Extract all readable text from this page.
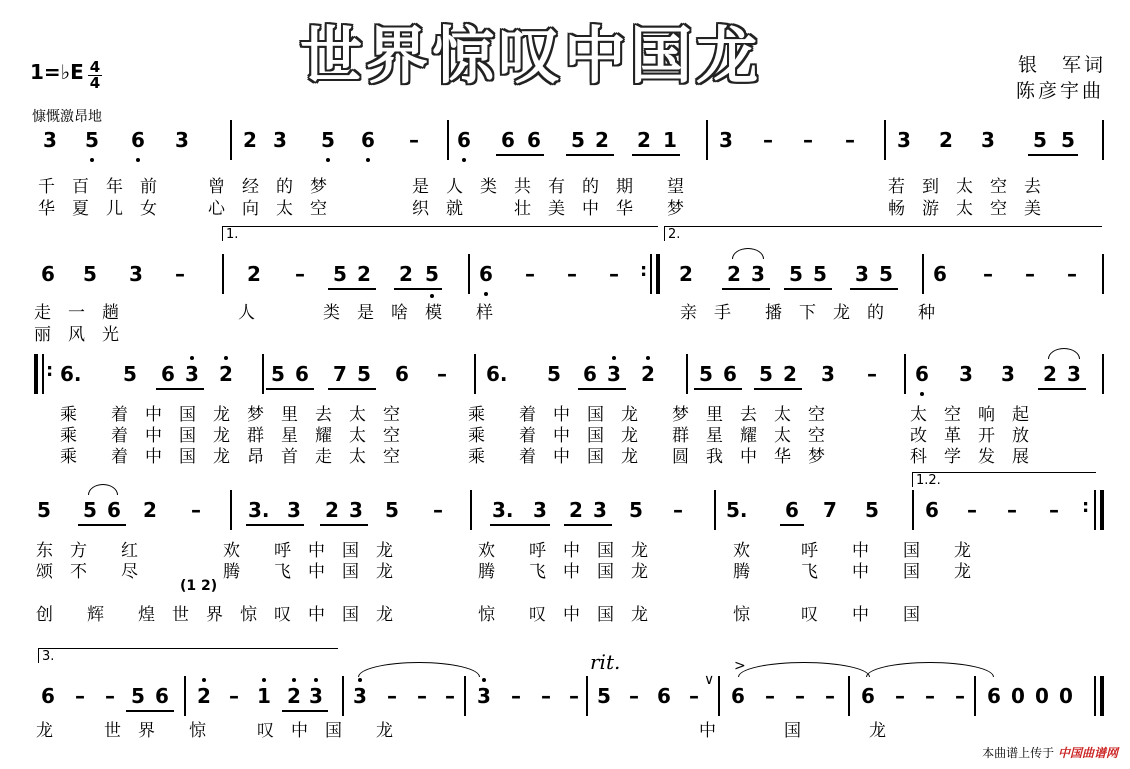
世界惊叹中国龙	银　军词
陈彦宇曲
1=♭E 4
4
慷慨激昂地
3 5 6 3	2 3 5 6 – 6 6 6 5 2 2 1 3 – – – 3 2 3 5 5
千　百　年　前　　　曾　经　的　梦　　　　　是　人　类　共　有　的　期　　望　　　　　　　　　　　　若　到　太　空　去
华　夏　儿　女　　　心　向　太　空　　　　　织　就　　　壮　美　中　华　　梦　　　　　　　　　　　　畅　游　太　空　美
1.	2.
6 5 3 –	2 – 5 2 2 5 6 – – – : 2 2 3 5 5 3 5 6 – – –
走　一　趟　　　　　　　人　　　　类　是　啥　模　　样　　　　　　　　　　　亲　手　　播　下　龙　的　　种
丽　风　光
: 6. 5 6 3 2 5 6 7 5 6 – 6. 5 6 3 2 5 6 5 2 3 – 6 3 3 2 3
乘　　着　中　国　龙　梦　里　去　太　空　　　　乘　　着　中　国　龙　　梦　里　去　太　空　　　　　太　空　响　起
乘　　着　中　国　龙　群　星　耀　太　空　　　　乘　　着　中　国　龙　　群　星　耀　太　空　　　　　改　革　开　放
乘　　着　中　国　龙　昂　首　走　太　空　　　　乘　　着　中　国　龙　　圆　我　中　华　梦　　　　　科　学　发　展
1.2.
5 5 6 2 – 3. 3 2 3 5 – 3. 3 2 3 5 – 5. 6 7 5 6 – – – :
东　方　　红　　　　　欢　　呼　中　国　龙　　　　　欢　　呼　中　国　龙　　　　　欢　　　呼　　中　　国　　龙
颂　不　　尽　　　　　腾　　飞　中　国　龙　　　　　腾　　飞　中　国　龙　　　　　腾　　　飞　　中　　国　　龙
(1 2)
创　　辉　　煌　世　界　惊　叹　中　国　龙　　　　　惊　　叹　中　国　龙　　　　　惊　　　叹　　中　　国
3.	rit.
6 – – 5 6 2 – 1 2 3 3 – – – 3 – – – 5 – 6 –
∨
>
6 – – – 6 – – – 6 0 0 0
龙　　　世　界　　惊　　　叹　中　国　　龙　　　　　　　　　　　　　　　　　　中　　　　国　　　　龙
本曲谱上传于 中国曲谱网
